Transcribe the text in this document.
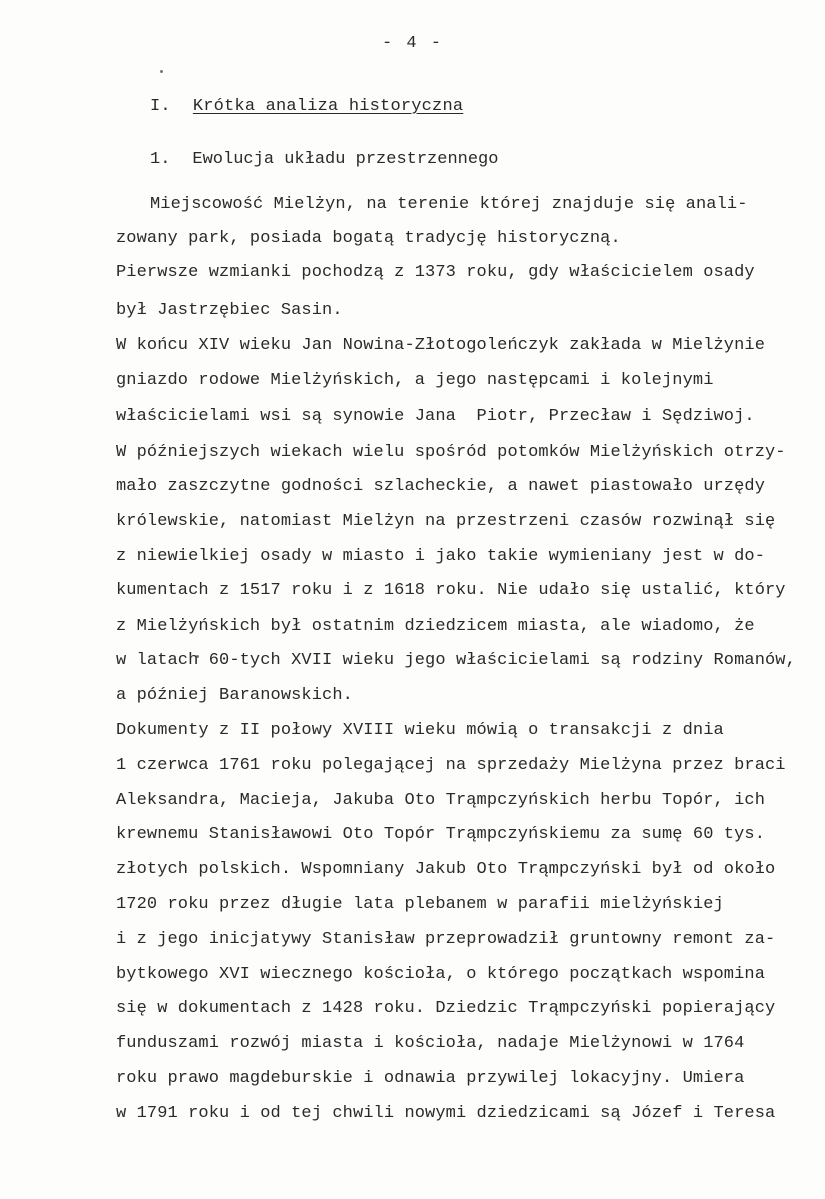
- 4 -
I. Krótka analiza historyczna
1. Ewolucja układu przestrzennego
Miejscowość Mielżyn, na terenie której znajduje się anali-
zowany park, posiada bogatą tradycję historyczną.
Pierwsze wzmianki pochodzą z 1373 roku, gdy właścicielem osady
był Jastrzębiec Sasin.
W końcu XIV wieku Jan Nowina-Złotogoleńczyk zakłada w Mielżynie
gniazdo rodowe Mielżyńskich, a jego następcami i kolejnymi
właścicielami wsi są synowie Jana  Piotr, Przecław i Sędziwoj.
W późniejszych wiekach wielu spośród potomków Mielżyńskich otrzy-
mało zaszczytne godności szlacheckie, a nawet piastowało urzędy
królewskie, natomiast Mielżyn na przestrzeni czasów rozwinął się
z niewielkiej osady w miasto i jako takie wymieniany jest w do-
kumentach z 1517 roku i z 1618 roku. Nie udało się ustalić, który
z Mielżyńskich był ostatnim dziedzicem miasta, ale wiadomo, że
w latach 60-tych XVII wieku jego właścicielami są rodziny Romanów,
a później Baranowskich.
Dokumenty z II połowy XVIII wieku mówią o transakcji z dnia
1 czerwca 1761 roku polegającej na sprzedaży Mielżyna przez braci
Aleksandra, Macieja, Jakuba Oto Trąmpczyńskich herbu Topór, ich
krewnemu Stanisławowi Oto Topór Trąmpczyńskiemu za sumę 60 tys.
złotych polskich. Wspomniany Jakub Oto Trąmpczyński był od około
1720 roku przez długie lata plebanem w parafii mielżyńskiej
i z jego inicjatywy Stanisław przeprowadził gruntowny remont za-
bytkowego XVI wiecznego kościoła, o którego początkach wspomina
się w dokumentach z 1428 roku. Dziedzic Trąmpczyński popierający
funduszami rozwój miasta i kościoła, nadaje Mielżynowi w 1764
roku prawo magdeburskie i odnawia przywilej lokacyjny. Umiera
w 1791 roku i od tej chwili nowymi dziedzicami są Józef i Teresa
